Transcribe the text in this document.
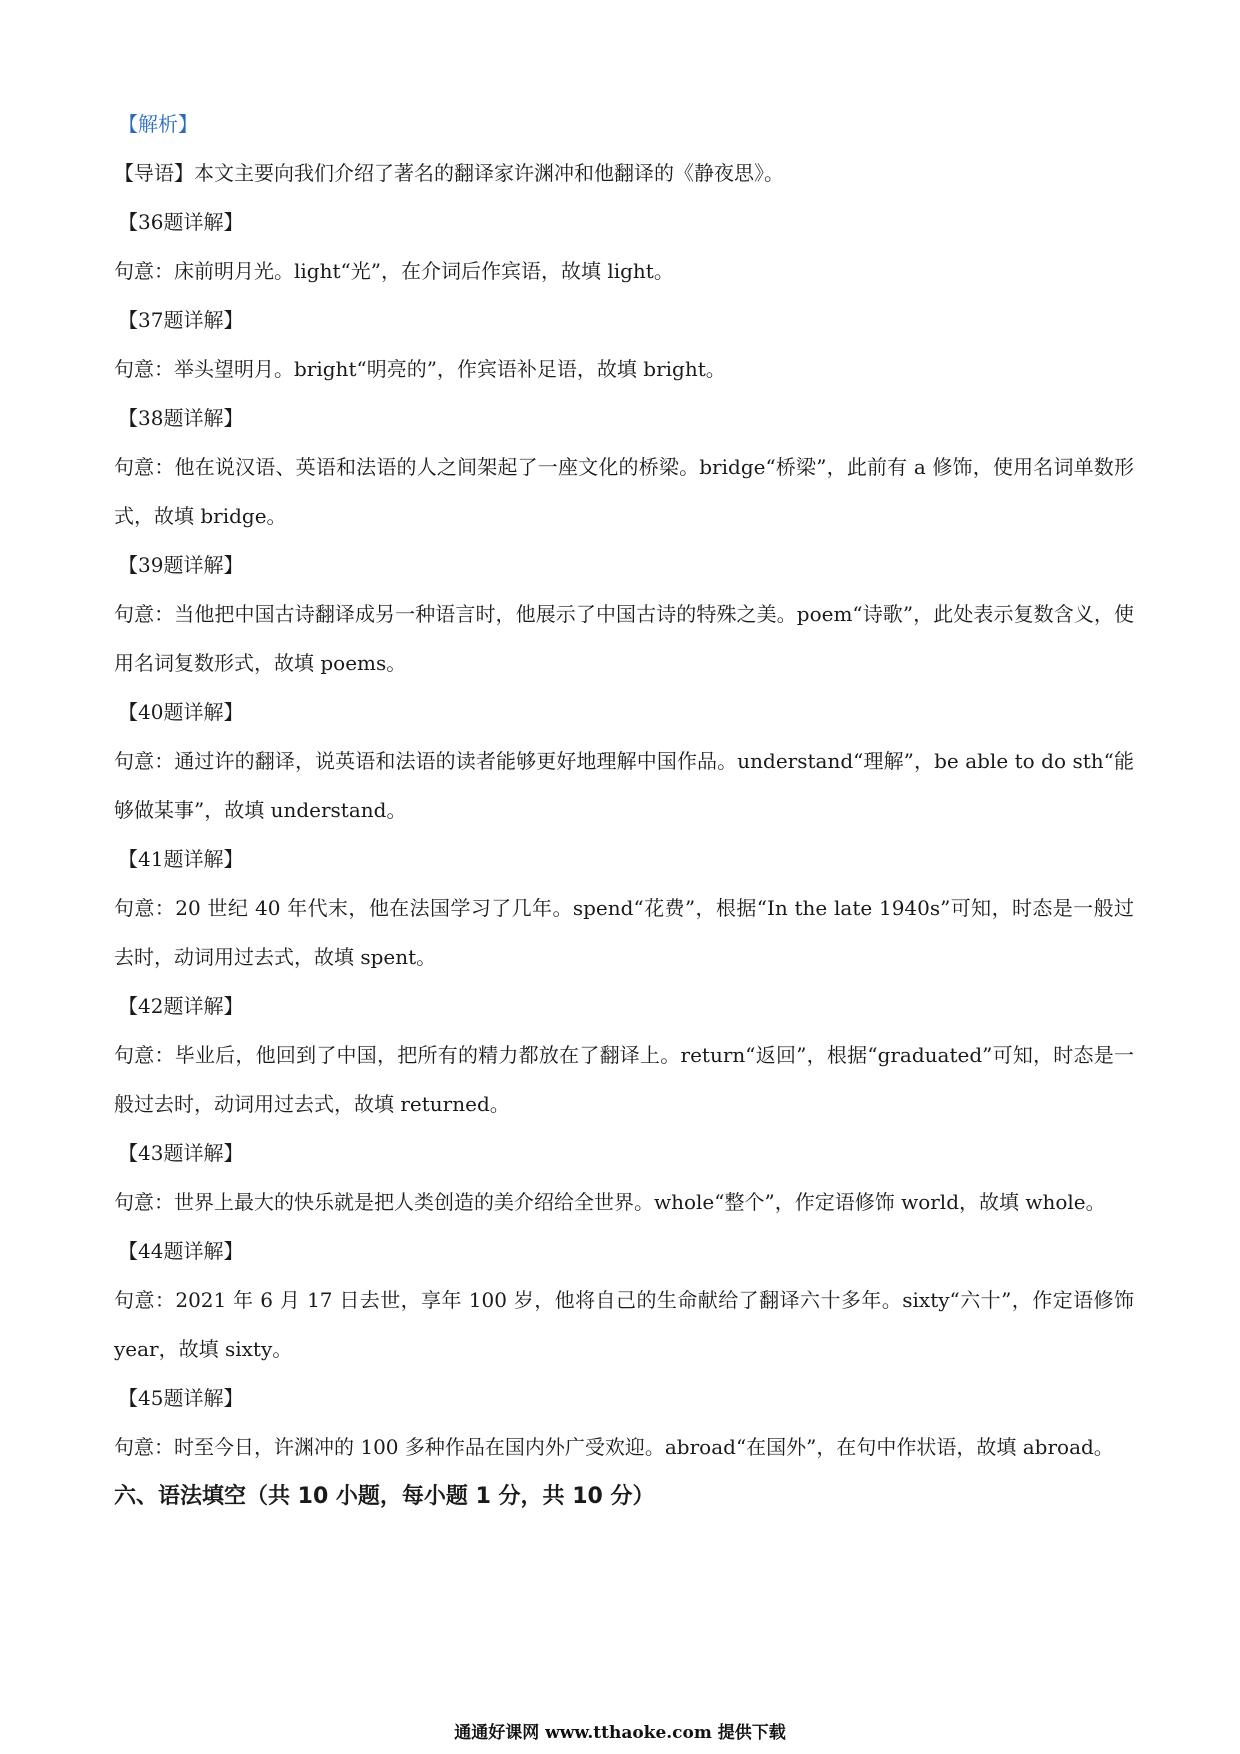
【解析】

【导语】本文主要向我们介绍了著名的翻译家许渊冲和他翻译的《静夜思》。

【36题详解】

句意：床前明月光。light“光”，在介词后作宾语，故填 light。

【37题详解】

句意：举头望明月。bright“明亮的”，作宾语补足语，故填 bright。

【38题详解】

句意：他在说汉语、英语和法语的人之间架起了一座文化的桥梁。bridge“桥梁”，此前有 a 修饰，使用名词单数形式，故填 bridge。

【39题详解】

句意：当他把中国古诗翻译成另一种语言时，他展示了中国古诗的特殊之美。poem“诗歌”，此处表示复数含义，使用名词复数形式，故填 poems。

【40题详解】

句意：通过许的翻译，说英语和法语的读者能够更好地理解中国作品。understand“理解”，be able to do sth“能够做某事”，故填 understand。

【41题详解】

句意：20 世纪 40 年代末，他在法国学习了几年。spend“花费”，根据“In the late 1940s”可知，时态是一般过去时，动词用过去式，故填 spent。

【42题详解】

句意：毕业后，他回到了中国，把所有的精力都放在了翻译上。return“返回”，根据“graduated”可知，时态是一般过去时，动词用过去式，故填 returned。

【43题详解】

句意：世界上最大的快乐就是把人类创造的美介绍给全世界。whole“整个”，作定语修饰 world，故填 whole。

【44题详解】

句意：2021 年 6 月 17 日去世，享年 100 岁，他将自己的生命献给了翻译六十多年。sixty“六十”，作定语修饰 year，故填 sixty。

【45题详解】

句意：时至今日，许渊冲的 100 多种作品在国内外广受欢迎。abroad“在国外”，在句中作状语，故填 abroad。

六、语法填空（共 10 小题，每小题 1 分，共 10 分）

通通好课网 www.tthaoke.com 提供下载
